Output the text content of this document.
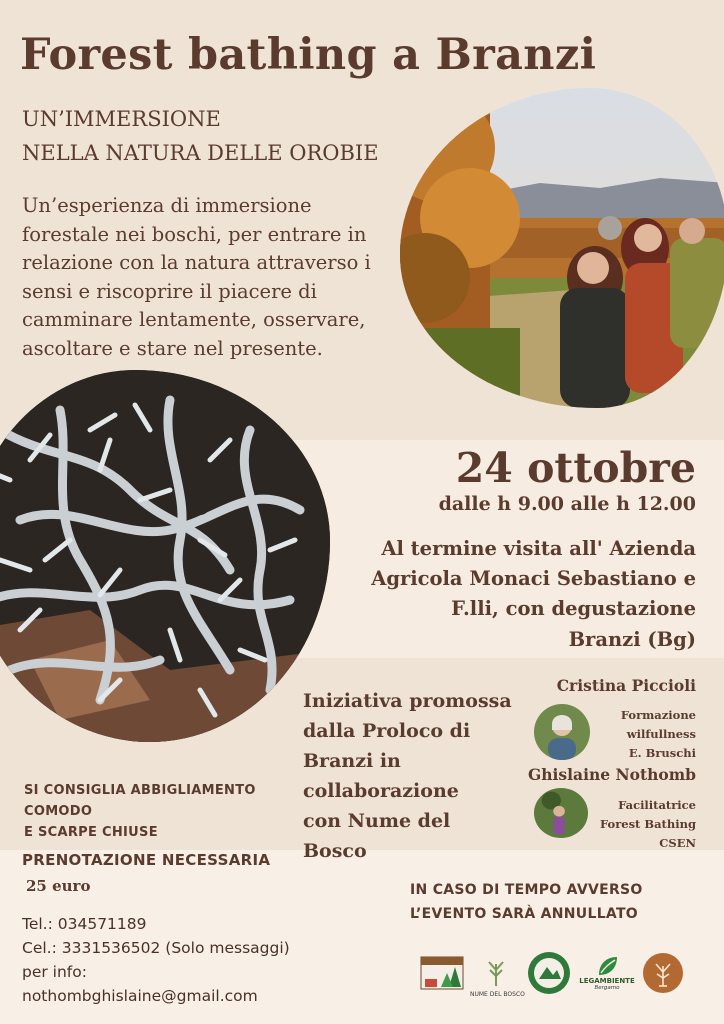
Forest bathing a Branzi
UN’IMMERSIONE
NELLA NATURA DELLE OROBIE
Un’esperienza di immersione
forestale nei boschi, per entrare in
relazione con la natura attraverso i
sensi e riscoprire il piacere di
camminare lentamente, osservare,
ascoltare e stare nel presente.
24 ottobre
dalle h 9.00 alle h 12.00
Al termine visita all' Azienda
Agricola Monaci Sebastiano e
F.lli, con degustazione
Branzi (Bg)
Iniziativa promossa
dalla Proloco di
Branzi in
collaborazione
con Nume del Bosco
Cristina Piccioli
Formazione
wilfullness
E. Bruschi
Ghislaine Nothomb
Facilitatrice
Forest Bathing
CSEN
SI CONSIGLIA ABBIGLIAMENTO
COMODO
E SCARPE CHIUSE
PRENOTAZIONE NECESSARIA
25 euro
Tel.: 034571189
Cel.: 3331536502 (Solo messaggi)
per info:
nothombghislaine@gmail.com
IN CASO DI TEMPO AVVERSO
L’EVENTO SARÀ ANNULLATO
NUME DEL BOSCO
LEGAMBIENTE
Bergamo
